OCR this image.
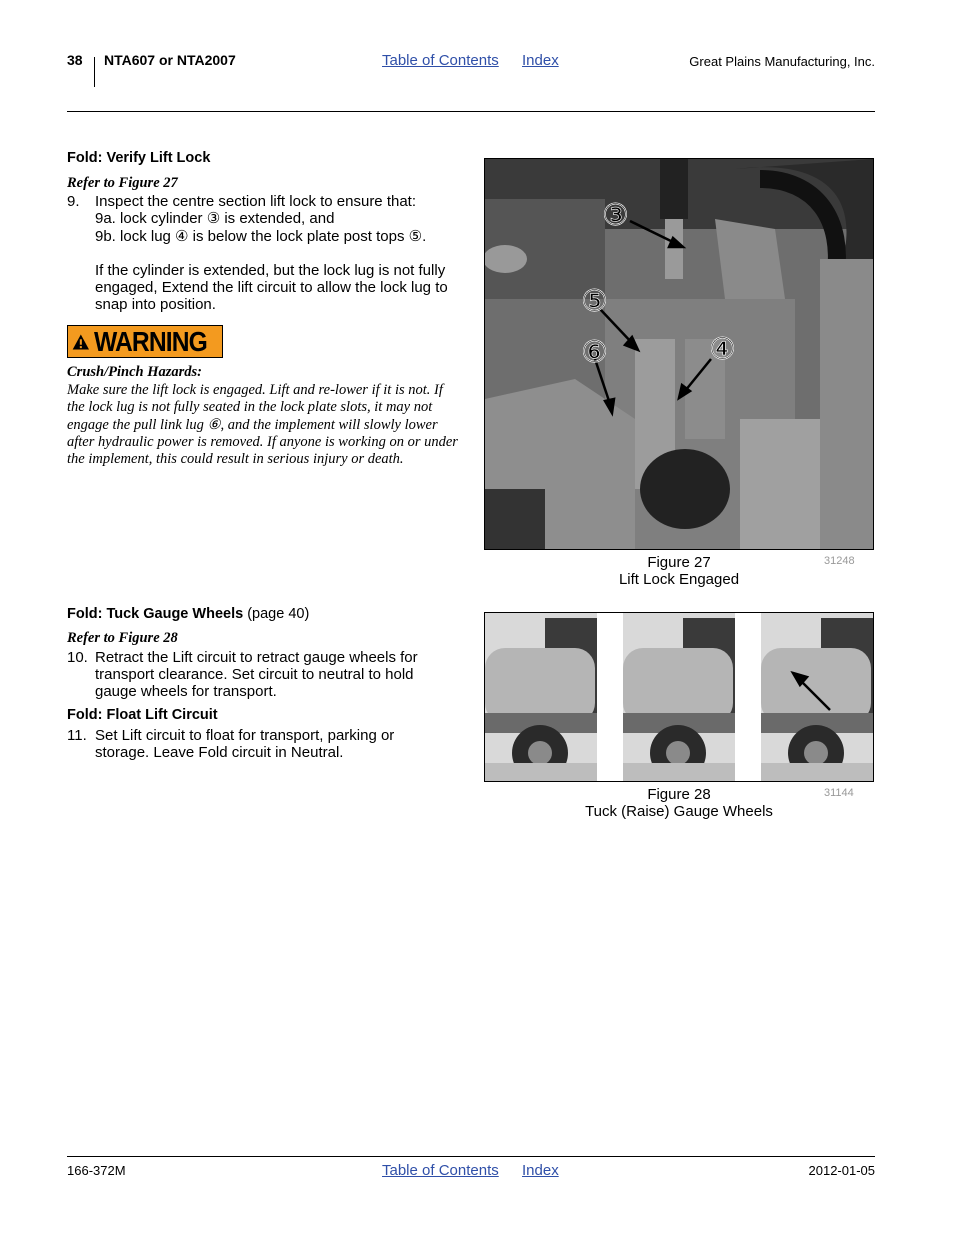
38 NTA607 or NTA2007	Table of Contents Index	Great Plains Manufacturing, Inc.
Fold: Verify Lift Lock
Refer to Figure 27
9. Inspect the centre section lift lock to ensure that:
9a. lock cylinder ③ is extended, and
9b. lock lug ④ is below the lock plate post tops ⑤.
If the cylinder is extended, but the lock lug is not fully engaged, Extend the lift circuit to allow the lock lug to snap into position.
WARNING
Crush/Pinch Hazards:
Make sure the lift lock is engaged. Lift and re-lower if it is not. If the lock lug is not fully seated in the lock plate slots, it may not engage the pull link lug ⑥, and the implement will slowly lower after hydraulic power is removed. If anyone is working on or under the implement, this could result in serious injury or death.
③
⑤
⑥	④
Figure 27
Lift Lock Engaged
31248
Fold: Tuck Gauge Wheels (page 40)
Refer to Figure 28
10. Retract the Lift circuit to retract gauge wheels for transport clearance. Set circuit to neutral to hold gauge wheels for transport.
Fold: Float Lift Circuit
11. Set Lift circuit to float for transport, parking or storage. Leave Fold circuit in Neutral.
Figure 28
Tuck (Raise) Gauge Wheels
31144
166-372M	Table of Contents Index	2012-01-05
